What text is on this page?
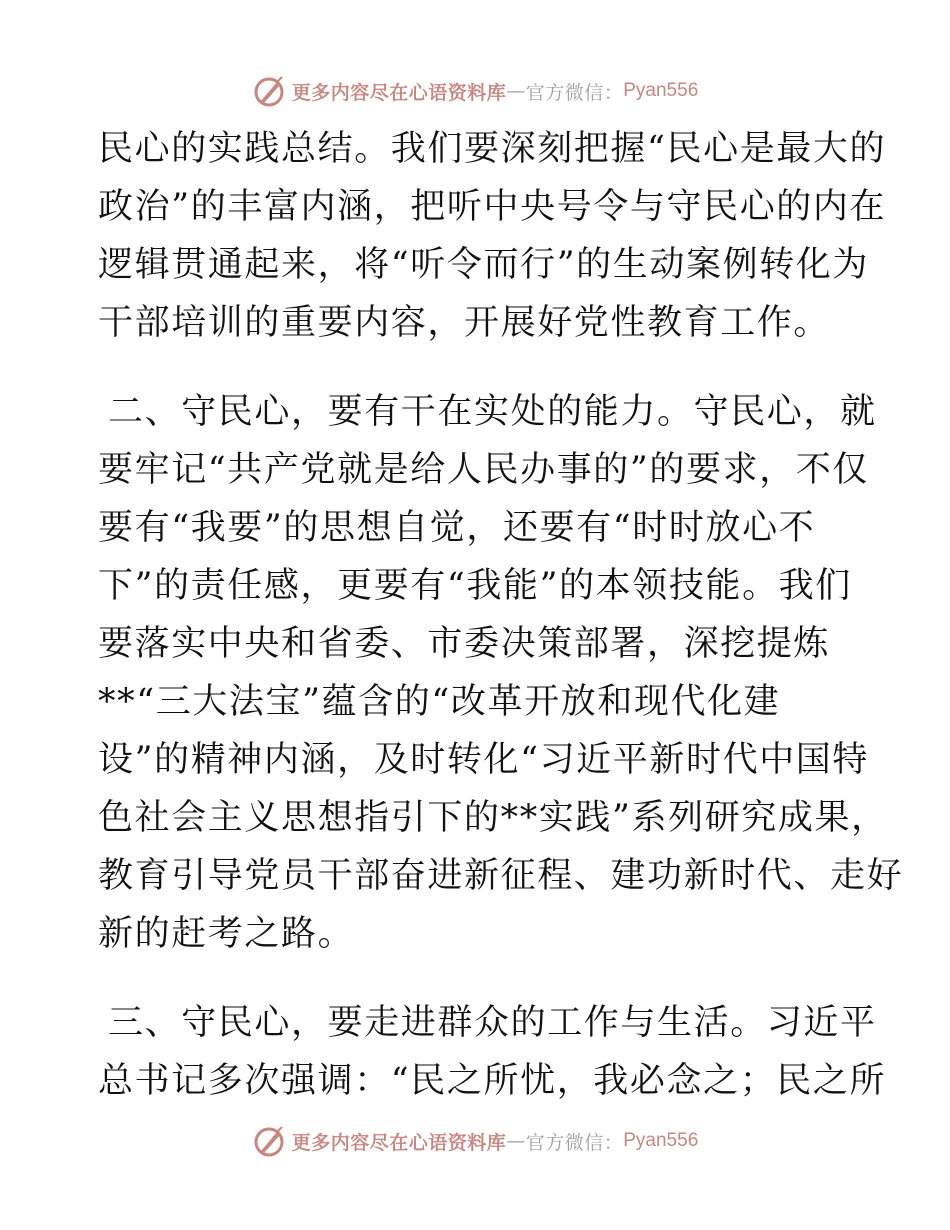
更多内容尽在心语资料库 — 官方微信： Pyan556
民心的实践总结。我们要深刻把握“民心是最大的
政治”的丰富内涵，把听中央号令与守民心的内在
逻辑贯通起来，将“听令而行”的生动案例转化为
干部培训的重要内容，开展好党性教育工作。
二、守民心，要有干在实处的能力。守民心，就
要牢记“共产党就是给人民办事的”的要求，不仅
要有“我要”的思想自觉，还要有“时时放心不
下”的责任感，更要有“我能”的本领技能。我们
要落实中央和省委、市委决策部署，深挖提炼
**“三大法宝”蕴含的“改革开放和现代化建
设”的精神内涵，及时转化“习近平新时代中国特
色社会主义思想指引下的**实践”系列研究成果，
教育引导党员干部奋进新征程、建功新时代、走好
新的赶考之路。
三、守民心，要走进群众的工作与生活。习近平
总书记多次强调：“民之所忧，我必念之；民之所
更多内容尽在心语资料库 — 官方微信： Pyan556
